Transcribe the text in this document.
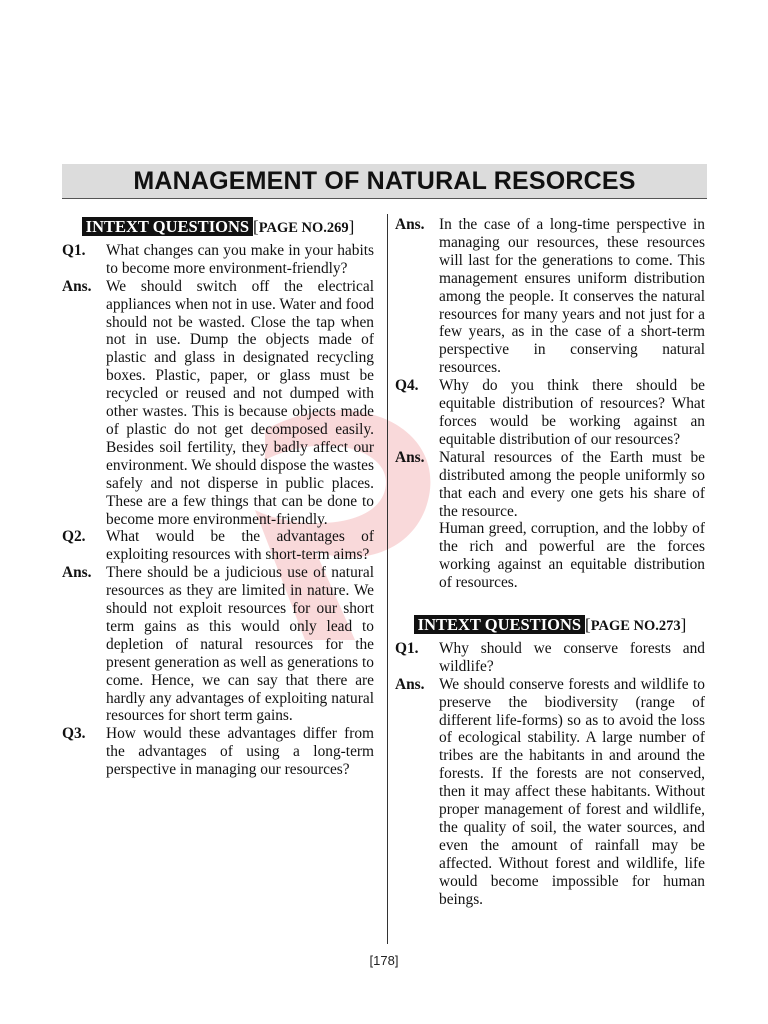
MANAGEMENT OF NATURAL RESORCES
INTEXT QUESTIONS [PAGE NO.269]
Q1.	What changes can you make in your habits to become more environment-friendly?
Ans. We should switch off the electrical appliances when not in use. Water and food should not be wasted. Close the tap when not in use. Dump the objects made of plastic and glass in designated recycling boxes. Plastic, paper, or glass must be recycled or reused and not dumped with other wastes. This is because objects made of plastic do not get decomposed easily. Besides soil fertility, they badly affect our environment. We should dispose the wastes safely and not disperse in public places. These are a few things that can be done to become more environment-friendly.
Q2.	What would be the advantages of exploiting resources with short-term aims?
Ans. There should be a judicious use of natural resources as they are limited in nature. We should not exploit resources for our short term gains as this would only lead to depletion of natural resources for the present generation as well as generations to come. Hence, we can say that there are hardly any advantages of exploiting natural resources for short term gains.
Q3.	How would these advantages differ from the advantages of using a long-term perspective in managing our resources?
Ans. In the case of a long-time perspective in managing our resources, these resources will last for the generations to come. This management ensures uniform distribution among the people. It conserves the natural resources for many years and not just for a few years, as in the case of a short-term perspective in conserving natural resources.
Q4.	Why do you think there should be equitable distribution of resources? What forces would be working against an equitable distribution of our resources?
Ans. Natural resources of the Earth must be distributed among the people uniformly so that each and every one gets his share of the resource.

Human greed, corruption, and the lobby of the rich and powerful are the forces working against an equitable distribution of resources.

INTEXT QUESTIONS [PAGE NO.273]
Q1.	Why should we conserve forests and wildlife?
Ans. We should conserve forests and wildlife to preserve the biodiversity (range of different life-forms) so as to avoid the loss of ecological stability. A large number of tribes are the habitants in and around the forests. If the forests are not conserved, then it may affect these habitants. Without proper management of forest and wildlife, the quality of soil, the water sources, and even the amount of rainfall may be affected. Without forest and wildlife, life would become impossible for human beings.
[178]
